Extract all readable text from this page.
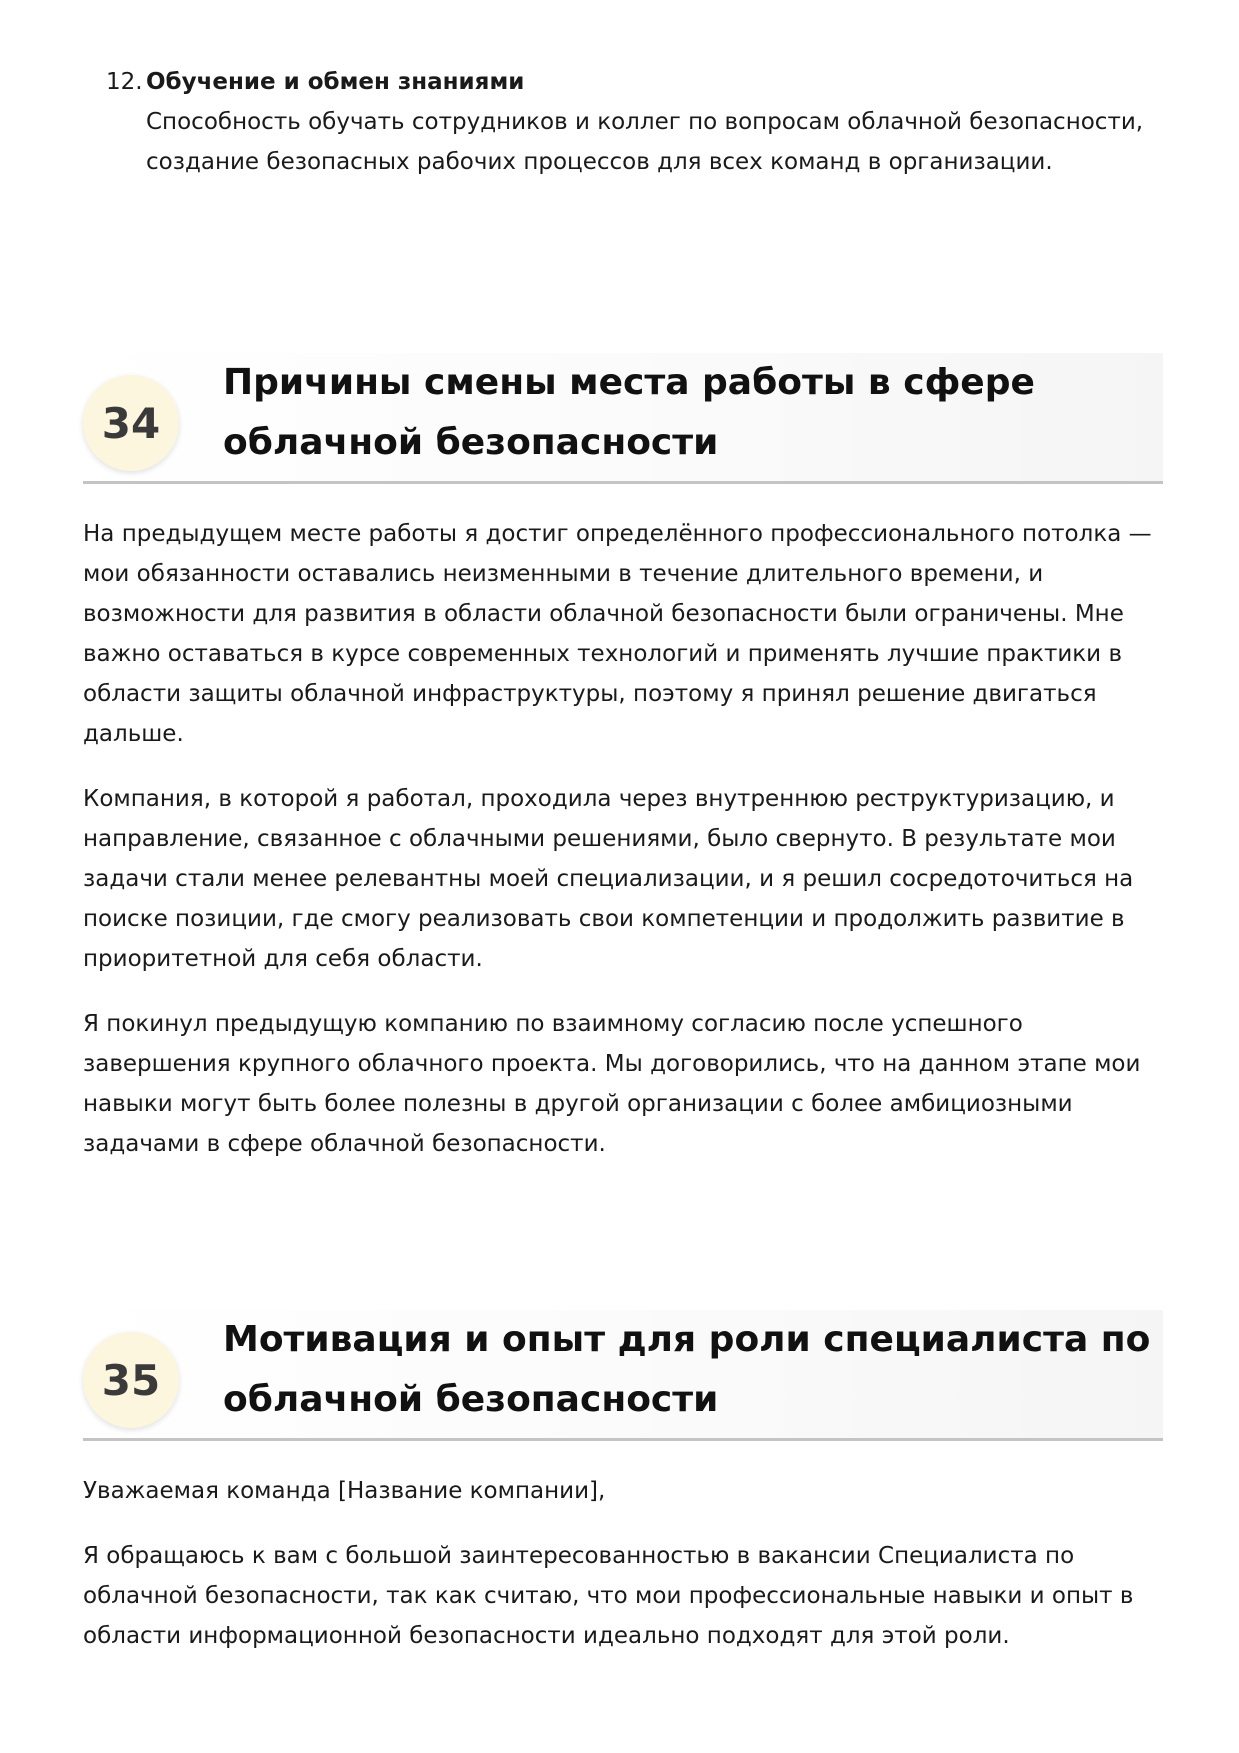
12. Обучение и обмен знаниями

Способность обучать сотрудников и коллег по вопросам облачной безопасности, создание безопасных рабочих процессов для всех команд в организации.

34
Причины смены места работы в сфере облачной безопасности

На предыдущем месте работы я достиг определённого профессионального потолка — мои обязанности оставались неизменными в течение длительного времени, и возможности для развития в области облачной безопасности были ограничены. Мне важно оставаться в курсе современных технологий и применять лучшие практики в области защиты облачной инфраструктуры, поэтому я принял решение двигаться дальше.

Компания, в которой я работал, проходила через внутреннюю реструктуризацию, и направление, связанное с облачными решениями, было свернуто. В результате мои задачи стали менее релевантны моей специализации, и я решил сосредоточиться на поиске позиции, где смогу реализовать свои компетенции и продолжить развитие в приоритетной для себя области.

Я покинул предыдущую компанию по взаимному согласию после успешного завершения крупного облачного проекта. Мы договорились, что на данном этапе мои навыки могут быть более полезны в другой организации с более амбициозными задачами в сфере облачной безопасности.

35
Мотивация и опыт для роли специалиста по облачной безопасности

Уважаемая команда [Название компании],

Я обращаюсь к вам с большой заинтересованностью в вакансии Специалиста по облачной безопасности, так как считаю, что мои профессиональные навыки и опыт в области информационной безопасности идеально подходят для этой роли.
